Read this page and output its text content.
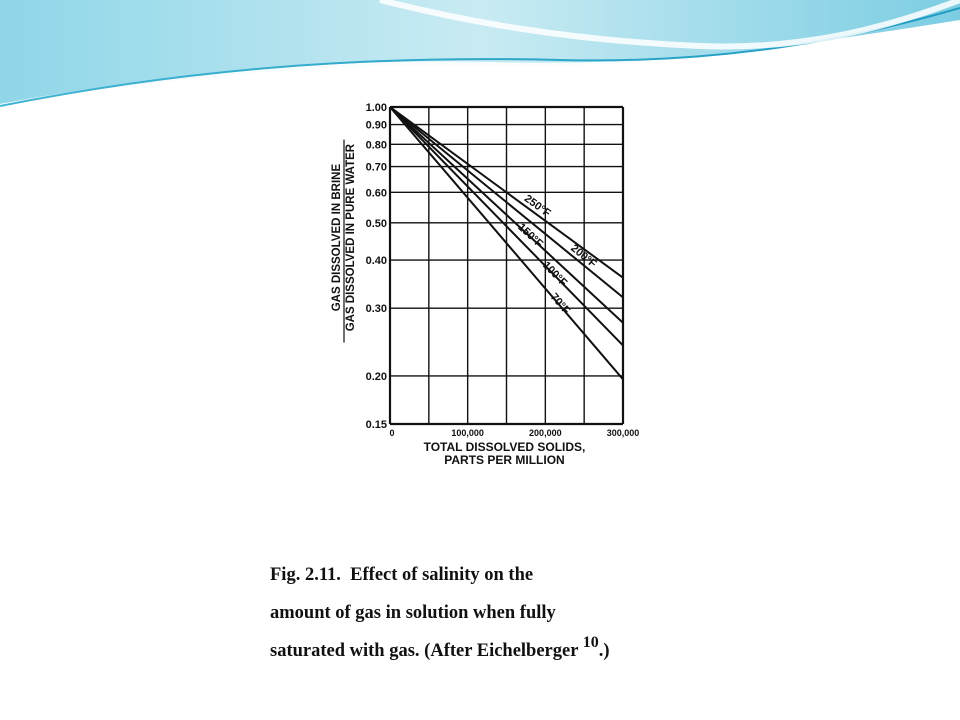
1.00
0.90
0.80
0.70
0.60
0.50
0.40
0.30
0.20
0.15
0	100,000	200,000	300,000
250°F
200°F
150°F
100°F
70°F
TOTAL DISSOLVED SOLIDS,
PARTS PER MILLION
GAS DISSOLVED IN BRINE GAS DISSOLVED IN PURE WATER
Fig. 2.11. Effect of salinity on the
amount of gas in solution when fully
saturated with gas. (After Eichelberger 10.)
